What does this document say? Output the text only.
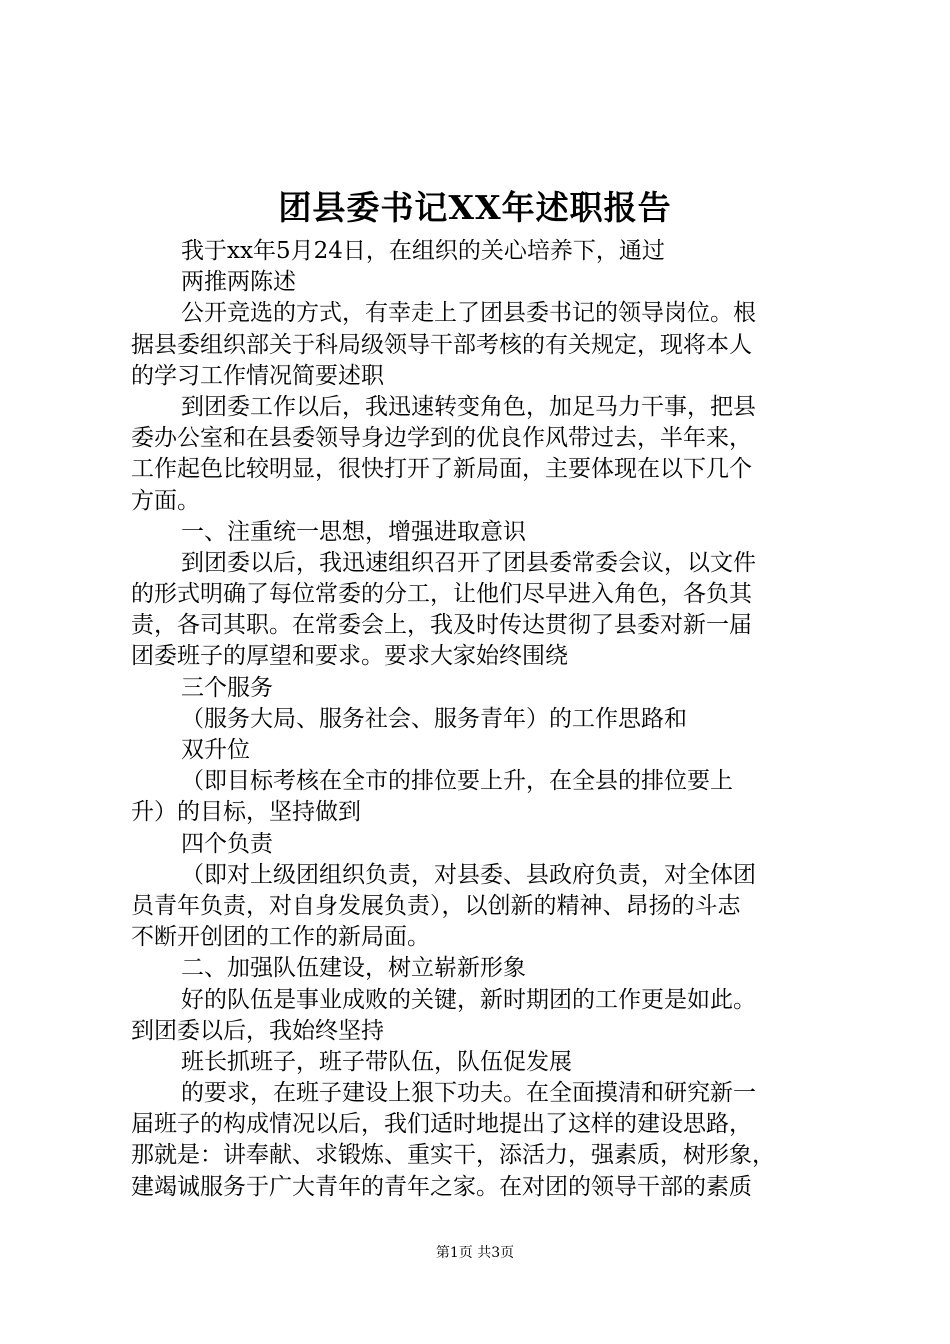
团县委书记XX年述职报告
我于xx年5月24日，在组织的关心培养下，通过
两推两陈述
公开竞选的方式，有幸走上了团县委书记的领导岗位。根
据县委组织部关于科局级领导干部考核的有关规定，现将本人
的学习工作情况简要述职
到团委工作以后，我迅速转变角色，加足马力干事，把县
委办公室和在县委领导身边学到的优良作风带过去，半年来，
工作起色比较明显，很快打开了新局面，主要体现在以下几个
方面。
一、注重统一思想，增强进取意识
到团委以后，我迅速组织召开了团县委常委会议，以文件
的形式明确了每位常委的分工，让他们尽早进入角色，各负其
责，各司其职。在常委会上，我及时传达贯彻了县委对新一届
团委班子的厚望和要求。要求大家始终围绕
三个服务
（服务大局、服务社会、服务青年）的工作思路和
双升位
（即目标考核在全市的排位要上升，在全县的排位要上
升）的目标，坚持做到
四个负责
（即对上级团组织负责，对县委、县政府负责，对全体团
员青年负责，对自身发展负责），以创新的精神、昂扬的斗志
不断开创团的工作的新局面。
二、加强队伍建设，树立崭新形象
好的队伍是事业成败的关键，新时期团的工作更是如此。
到团委以后，我始终坚持
班长抓班子，班子带队伍，队伍促发展
的要求，在班子建设上狠下功夫。在全面摸清和研究新一
届班子的构成情况以后，我们适时地提出了这样的建设思路，
那就是：讲奉献、求锻炼、重实干，添活力，强素质，树形象，
建竭诚服务于广大青年的青年之家。在对团的领导干部的素质
第1页 共3页
